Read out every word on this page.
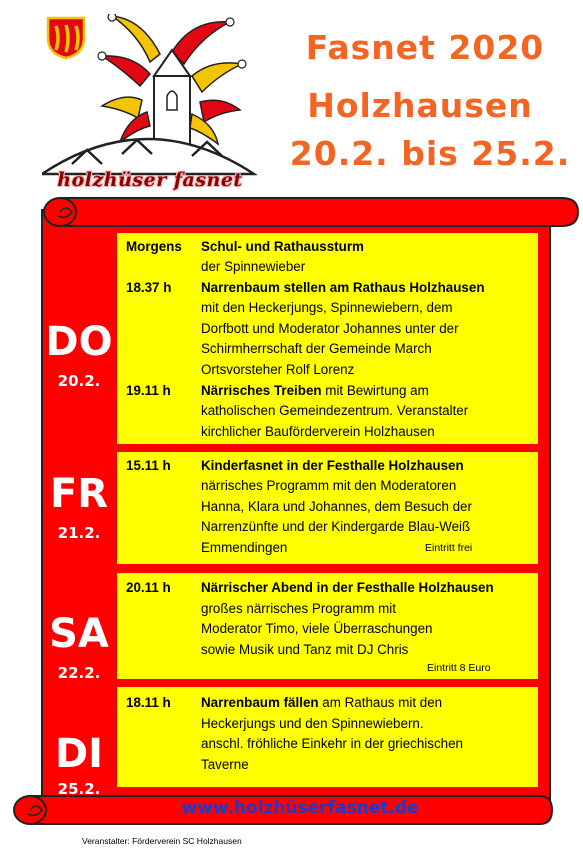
holzhüser fasnet
Fasnet 2020
Holzhausen
20.2. bis 25.2.
DO
20.2.
FR
21.2.
SA
22.2.
DI
25.2.
Morgens Schul- und Rathaussturm
der Spinnewieber
18.37 h Narrenbaum stellen am Rathaus Holzhausen
mit den Heckerjungs, Spinnewiebern, dem
Dorfbott und Moderator Johannes unter der
Schirmherrschaft der Gemeinde March
Ortsvorsteher Rolf Lorenz
19.11 h Närrisches Treiben mit Bewirtung am
katholischen Gemeindezentrum. Veranstalter
kirchlicher Bauförderverein Holzhausen
15.11 h Kinderfasnet in der Festhalle Holzhausen
närrisches Programm mit den Moderatoren
Hanna, Klara und Johannes, dem Besuch der
Narrenzünfte und der Kindergarde Blau-Weiß
Emmendingen	Eintritt frei
20.11 h Närrischer Abend in der Festhalle Holzhausen
großes närrisches Programm mit
Moderator Timo, viele Überraschungen
sowie Musik und Tanz mit DJ Chris
Eintritt 8 Euro
18.11 h Narrenbaum fällen am Rathaus mit den
Heckerjungs und den Spinnewiebern.
anschl. fröhliche Einkehr in der griechischen
Taverne
www.holzhüserfasnet.de
Veranstalter: Förderverein SC Holzhausen
